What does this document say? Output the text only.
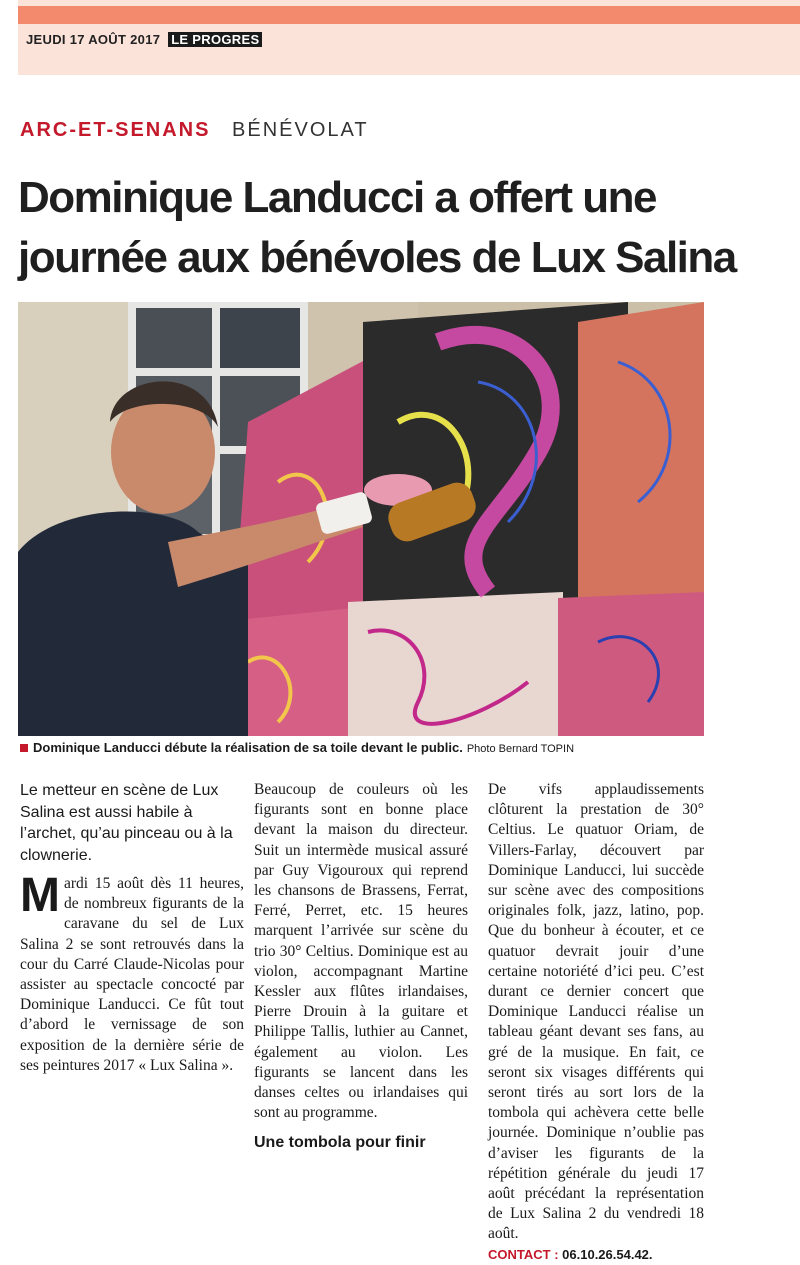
JEUDI 17 AOÛT 2017 LE PROGRES
ARC-ET-SENANS BÉNÉVOLAT
Dominique Landucci a offert une journée aux bénévoles de Lux Salina
Dominique Landucci débute la réalisation de sa toile devant le public. Photo Bernard TOPIN

Le metteur en scène de Lux Salina est aussi habile à l’archet, qu’au pinceau ou à la clownerie.

Mardi 15 août dès 11 heures, de nombreux figurants de la caravane du sel de Lux Salina 2 se sont retrouvés dans la cour du Carré Claude-Nicolas pour assister au spectacle concocté par Dominique Landucci. Ce fût tout d’abord le vernissage de son exposition de la dernière série de ses peintures 2017 « Lux Salina ».

Beaucoup de couleurs où les figurants sont en bonne place devant la maison du directeur. Suit un intermède musical assuré par Guy Vigouroux qui reprend les chansons de Brassens, Ferrat, Ferré, Perret, etc. 15 heures marquent l’arrivée sur scène du trio 30° Celtius. Dominique est au violon, accompagnant Martine Kessler aux flûtes irlandaises, Pierre Drouin à la guitare et Philippe Tallis, luthier au Cannet, également au violon. Les figurants se lancent dans les danses celtes ou irlandaises qui sont au programme.

Une tombola pour finir

De vifs applaudissements clôturent la prestation de 30° Celtius. Le quatuor Oriam, de Villers-Farlay, découvert par Dominique Landucci, lui succède sur scène avec des compositions originales folk, jazz, latino, pop. Que du bonheur à écouter, et ce quatuor devrait jouir d’une certaine notoriété d’ici peu. C’est durant ce dernier concert que Dominique Landucci réalise un tableau géant devant ses fans, au gré de la musique. En fait, ce seront six visages différents qui seront tirés au sort lors de la tombola qui achèvera cette belle journée. Dominique n’oublie pas d’aviser les figurants de la répétition générale du jeudi 17 août précédant la représentation de Lux Salina 2 du vendredi 18 août.

CONTACT : 06.10.26.54.42.
